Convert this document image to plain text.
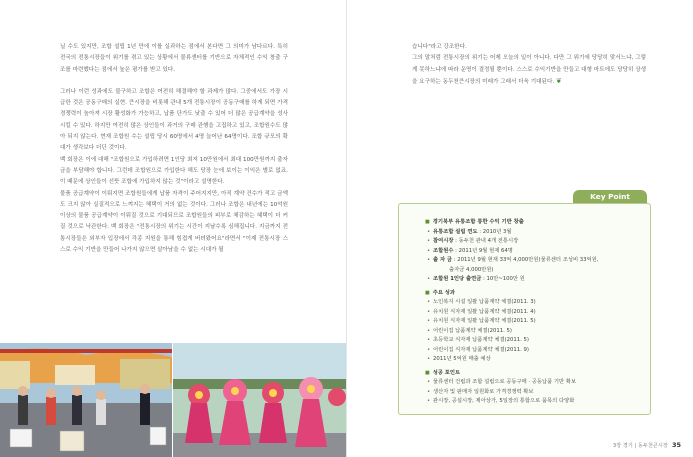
닐 수도 있지만, 조합 설립 1년 만에 이를 실과하는 점에서 본다면 그 의미가 남다르다. 특히 전국의 전통시장들이 위기를 겪고 있는 상황에서 물류센터를 기반으로 자체적인 수익 창출 구조를 마련했다는 점에서 높은 평가를 받고 있다.

그러나 이런 성과에도 불구하고 조합은 여전히 해결해야 할 과제가 많다. 그중에서도 가장 시급한 것은 공동구매의 실현. 큰시장을 비롯해 관내 5개 전통시장이 공동구매를 하게 되면 가격경쟁력이 높아져 시장 활성화가 가능하고, 납품 단가도 낮출 수 있어 더 많은 공급계약을 성사시킬 수 있다. 하지만 여전히 많은 상인들이 과거의 구매 관행을 고집하고 있고, 조합원수도 많아 되지 않는다. 현재 조합원 수는 설립 당시 60명에서 4명 늘어난 64명이다. 조합 규모의 확대가 생각보다 더딘 것이다.

백 회장은 이에 대해 "조합원으로 가입하려면 1인당 최저 10만원에서 최대 100만원까지 출자금을 부담해야 합니다. 그런데 조합원으로 가입한다 해도 당장 눈에 보이는 이익은 별로 없죠. 이 때문에 상인들이 선뜻 조합에 가입하지 않는 것"이라고 설명한다.

물품 공급계약이 이뤄지면 조합원들에게 납품 자격이 주어지지만, 아직 계약 건수가 적고 금액도 크지 않아 실질적으로 느껴지는 혜택이 거의 없는 것이다. 그러나 조합은 내년에는 10억원 이상의 물품 공급계약이 이뤄질 것으로 기대되므로 조합원들의 피부로 체감하는 혜택이 더 커질 것으로 낙관한다. 백 회장은 "전통시장의 위기는 시간이 지날수록 심해집니다. 지금까지 전통시장들은 외부자 입장에서 각종 지원을 통해 힘겹게 버텨왔어요"라면서 "이제 전통시장 스스로 수익 기반을 만들어 나가지 않으면 살아남을 수 없는 시대가 될

습니다"라고 강조한다.

그의 말처럼 전통시장의 위기는 어제 오늘의 일이 아니다. 다만 그 위기에 당당히 맞서느냐, 그렇게 못하느냐에 따라 운명이 결정될 뿐이다. 스스로 수익기반을 만들고 대형 마트에도 당당히 상생을 요구하는 동두천큰시장의 미래가 그래서 더욱 기대된다. ❦

Key Point
■ 경기북부 유통조합 통한 수익 기반 창출
• 유통조합 설립 연도 : 2010년 3월
• 참여시장 : 동두천 관내 4개 전통시장
• 조합원수 : 2011년 9월 현재 64명
• 출 자 금 : 2011년 9월 현재 33억 4,000만원(물류센터 조성비 33억원,
출자금 4,000만원)
• 조합원 1인당 출연금 : 10만~100만 원
■ 주요 성과
• 노인복지 시설 일괄 납품계약 체결(2011. 3)
• 유치원 식자재 일괄 납품계약 체결(2011. 4)
• 유치원 식자재 일괄 납품계약 체결(2011. 5)
• 어린이집 납품계약 체결(2011. 5)
• 초등학교 식자재 납품계약 체결(2011. 5)
• 어린이집 식자재 납품계약 체결(2011. 9)
• 2011년 5억원 매출 예상
■ 성공 포인트
• 물류센터 건립과 조합 설립으로 공동구매 · 공동납품 기반 확보
• 생산자 및 판매자 일원화로 가격경쟁력 확보
• 관시장, 공설시장, 제아상가, 5일장의 통합으로 품목의 다양화
3장 경기 | 동두천큰시장 35
